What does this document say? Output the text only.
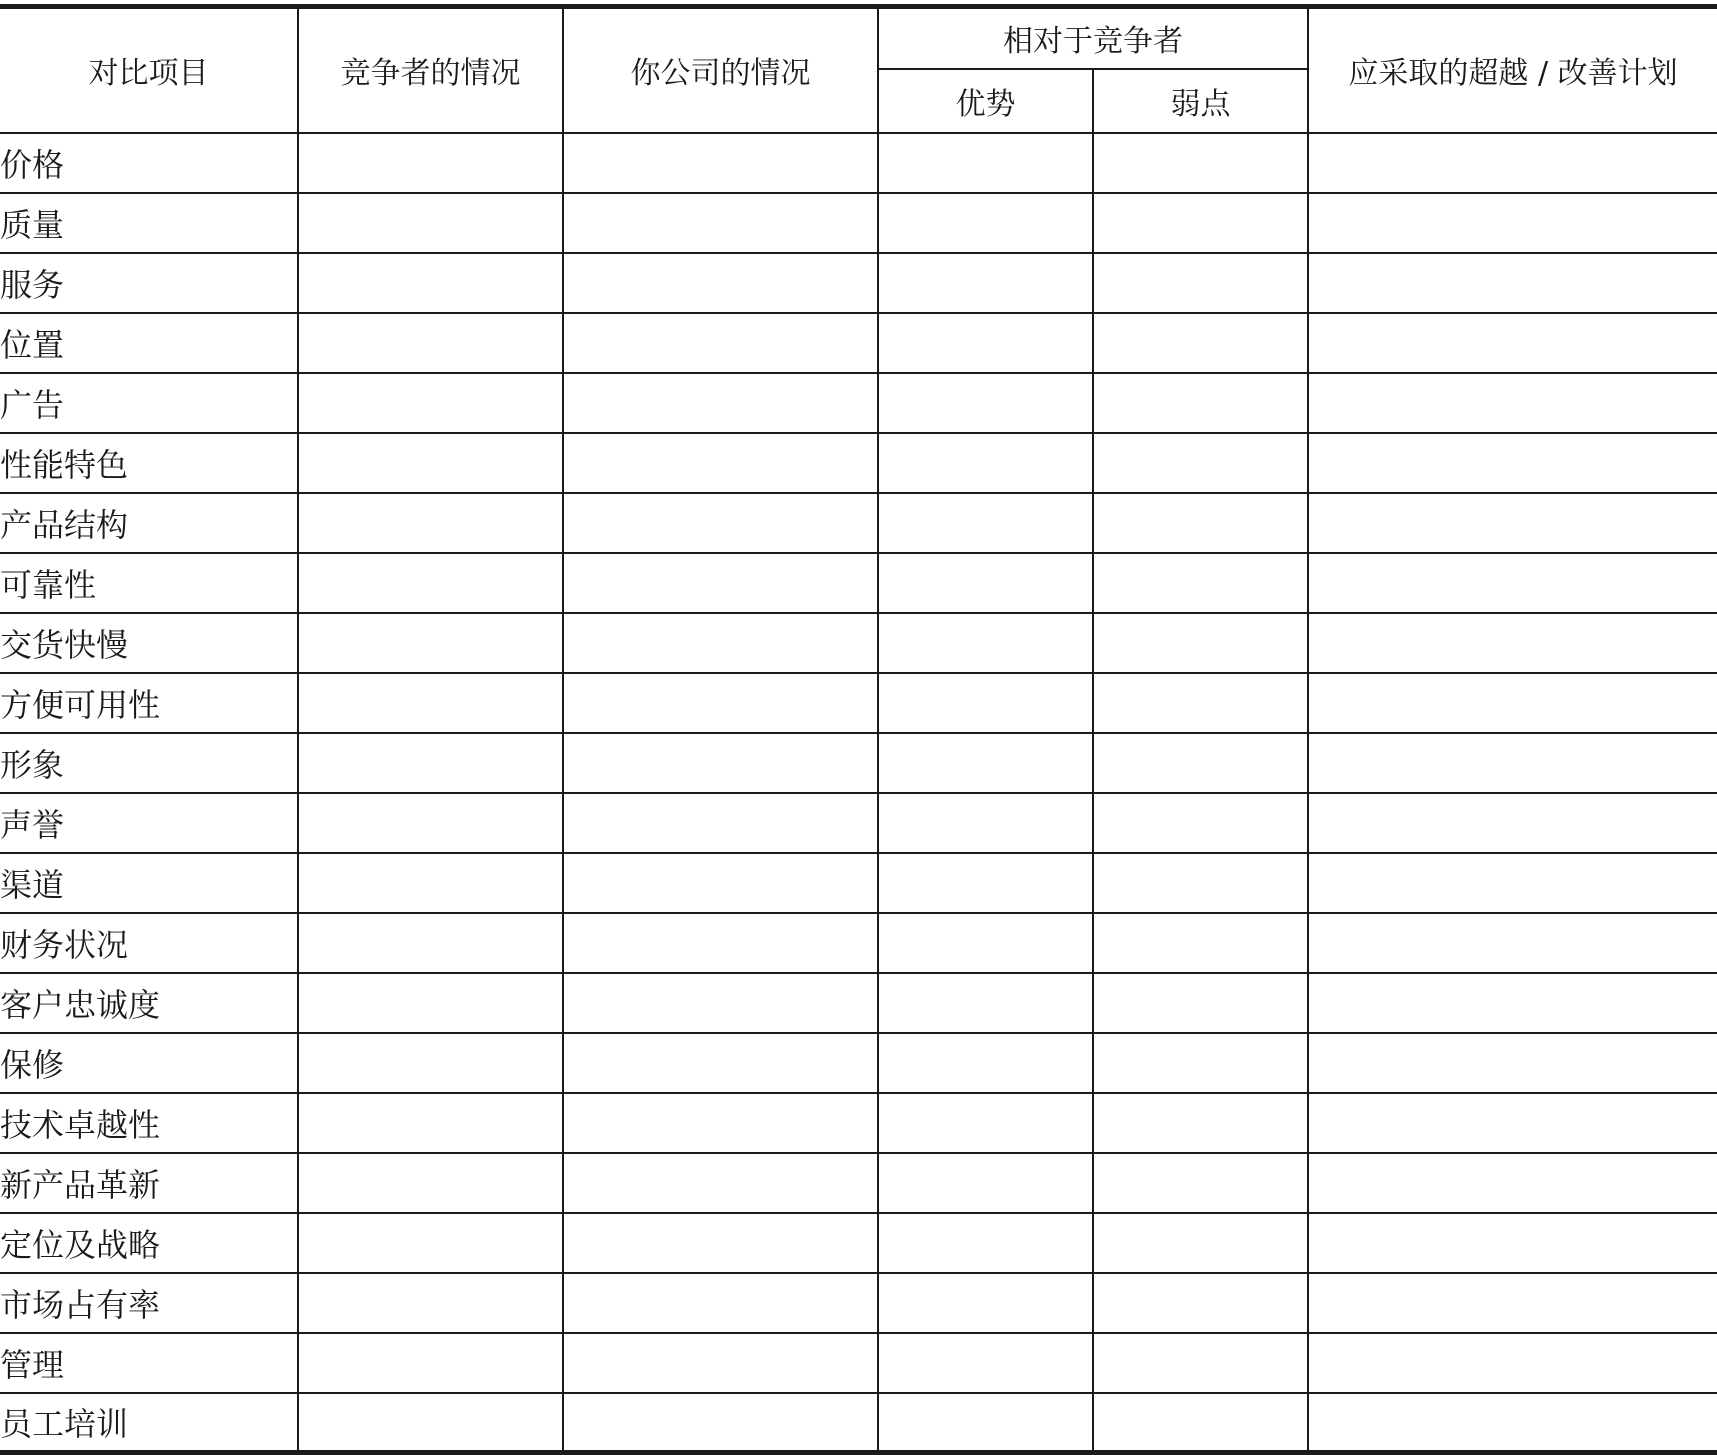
对比项目	竞争者的情况	你公司的情况	相对于竞争者		应采取的超越 / 改善计划
			优势	弱点	
价格					
质量					
服务					
位置					
广告					
性能特色					
产品结构					
可靠性					
交货快慢					
方便可用性					
形象					
声誉					
渠道					
财务状况					
客户忠诚度					
保修					
技术卓越性					
新产品革新					
定位及战略					
市场占有率					
管理					
员工培训					
